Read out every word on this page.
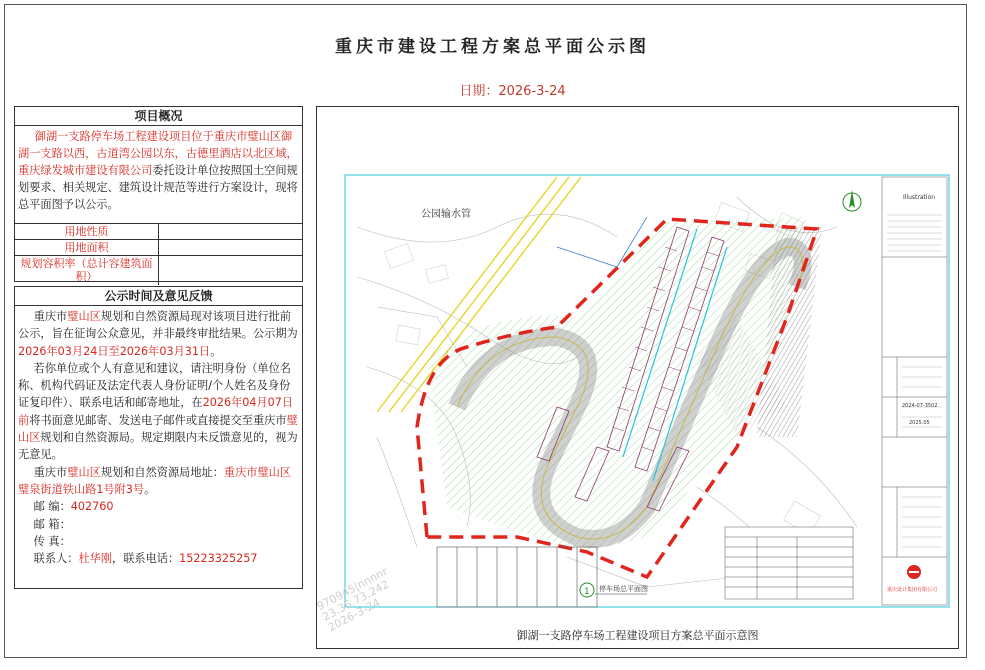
重庆市建设工程方案总平面公示图
日期：2026-3-24
项目概况
御湖一支路停车场工程建设项目位于重庆市璧山区御湖一支路以西，古道湾公园以东，古德里酒店以北区域，重庆绿发城市建设有限公司委托设计单位按照国土空间规划要求、相关规定、建筑设计规范等进行方案设计，现将总平面图予以公示。
用地性质
用地面积
规划容积率（总计容建筑面积）
公示时间及意见反馈

重庆市璧山区规划和自然资源局现对该项目进行批前公示，旨在征询公众意见，并非最终审批结果。公示期为2026年03月24日至2026年03月31日。

若你单位或个人有意见和建议，请注明身份（单位名称、机构代码证及法定代表人身份证明/个人姓名及身份证复印件）、联系电话和邮寄地址，在2026年04月07日前将书面意见邮寄、发送电子邮件或直接提交至重庆市璧山区规划和自然资源局。规定期限内未反馈意见的，视为无意见。

重庆市璧山区规划和自然资源局地址：重庆市璧山区璧泉街道铁山路1号附3号。

邮 编：402760
邮 箱：
传 真：
联系人：杜华刚，联系电话：15223325257
公园输水管
1 停车场总平面图
Illustration
2024-07-3502
2025.05
重庆设计集团有限公司
970945|nnnnr
23.36.73.242
2026-3-24
御湖一支路停车场工程建设项目方案总平面示意图
